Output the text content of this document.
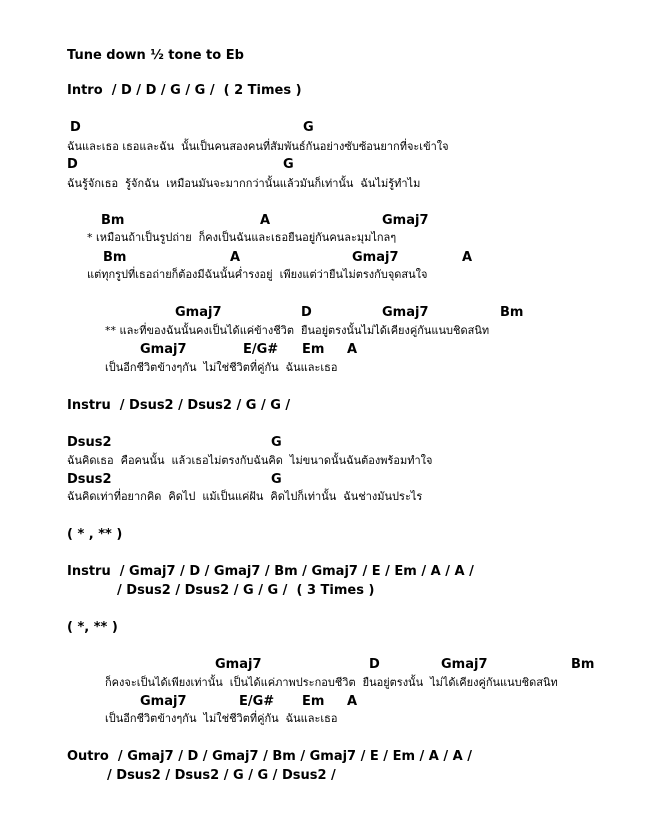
Tune down ½ tone to Eb
Intro  / D / D / G / G /  ( 2 Times )
D	G
ฉันและเธอ เธอและฉัน  นั้นเป็นคนสองคนที่สัมพันธ์กันอย่างซับซ้อนยากที่จะเข้าใจ
D	G
ฉันรู้จักเธอ  รู้จักฉัน  เหมือนมันจะมากกว่านั้นแล้วมันก็เท่านั้น  ฉันไม่รู้ทำไม
Bm	A	Gmaj7
* เหมือนถ้าเป็นรูปถ่าย  ก็คงเป็นฉันและเธอยืนอยู่กันคนละมุมไกลๆ
Bm	A	Gmaj7	A
แต่ทุกรูปที่เธอถ่ายก็ต้องมีฉันนั้นค่ำรงอยู่  เพียงแต่ว่ายืนไม่ตรงกับจุดสนใจ
Gmaj7	D	Gmaj7	Bm
** และที่ของฉันนั้นคงเป็นได้แค่ข้างชีวิต  ยืนอยู่ตรงนั้นไม่ได้เคียงคู่กันแนบชิดสนิท
Gmaj7	E/G# Em A
เป็นอีกชีวิตข้างๆกัน  ไม่ใช่ชีวิตที่คู่กัน  ฉันและเธอ
Instru  / Dsus2 / Dsus2 / G / G /
Dsus2	G
ฉันคิดเธอ  คือคนนั้น  แล้วเธอไม่ตรงกับฉันคิด  ไม่ขนาดนั้นฉันต้องพร้อมทำใจ
Dsus2	G
ฉันคิดเท่าที่อยากคิด  คิดไป  แม้เป็นแค่ฝัน  คิดไปก็เท่านั้น  ฉันช่างมันประไร
( * , ** )
Instru  / Gmaj7 / D / Gmaj7 / Bm / Gmaj7 / E / Em / A / A /
/ Dsus2 / Dsus2 / G / G /  ( 3 Times )
( *, ** )
Gmaj7	D	Gmaj7	Bm
ก็คงจะเป็นได้เพียงเท่านั้น  เป็นได้แค่ภาพประกอบชีวิต  ยืนอยู่ตรงนั้น  ไม่ได้เคียงคู่กันแนบชิดสนิท
Gmaj7	E/G# Em A
เป็นอีกชีวิตข้างๆกัน  ไม่ใช่ชีวิตที่คู่กัน  ฉันและเธอ
Outro  / Gmaj7 / D / Gmaj7 / Bm / Gmaj7 / E / Em / A / A /
/ Dsus2 / Dsus2 / G / G / Dsus2 /
